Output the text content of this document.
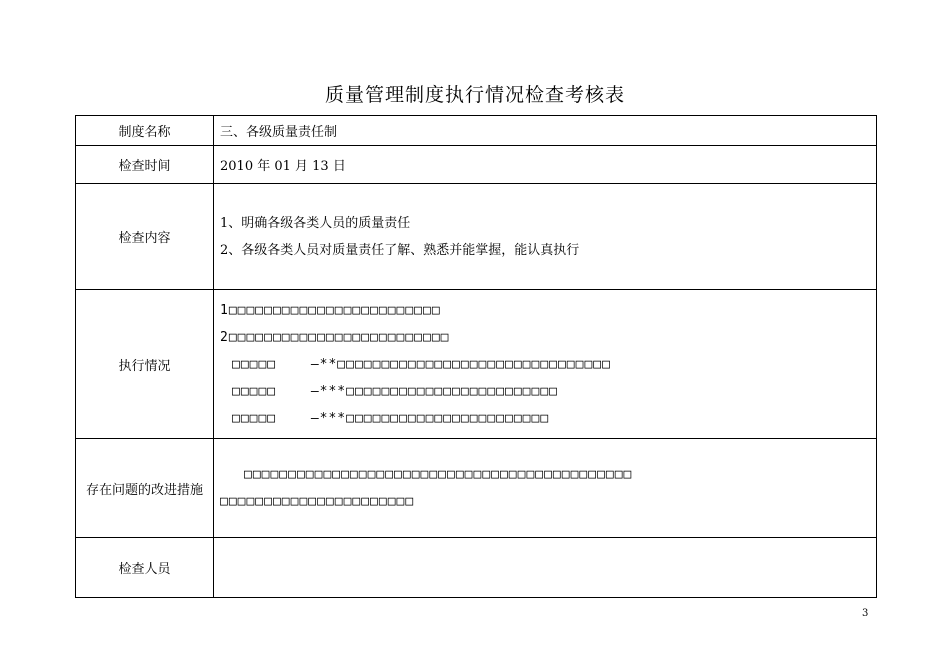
质量管理制度执行情况检查考核表
制度名称	三、各级质量责任制
检查时间	2010 年 01 月 13 日
检查内容	1、明确各级各类人员的质量责任
2、各级各类人员对质量责任了解、熟悉并能掌握，能认真执行

执行情况	1□□□□□□□□□□□□□□□□□□□□□□□□
2□□□□□□□□□□□□□□□□□□□□□□□□□
□□□□□ —**□□□□□□□□□□□□□□□□□□□□□□□□□□□□□□□
□□□□□ —***□□□□□□□□□□□□□□□□□□□□□□□□
□□□□□ —***□□□□□□□□□□□□□□□□□□□□□□□

存在问题的改进措施	□□□□□□□□□□□□□□□□□□□□□□□□□□□□□□□□□□□□□□□□□□□□
□□□□□□□□□□□□□□□□□□□□□□

检查人员	
3
